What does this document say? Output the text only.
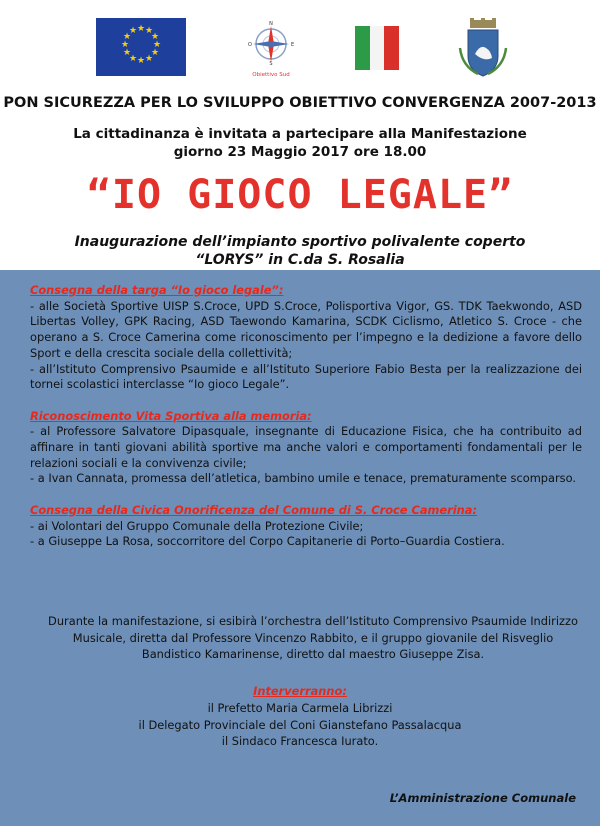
★ ★
★
★
★
★
★
★
★
★
★
★
N
E
O
S
Obiettivo Sud
PON SICUREZZA PER LO SVILUPPO OBIETTIVO CONVERGENZA 2007-2013
La cittadinanza è invitata a partecipare alla Manifestazione
giorno 23 Maggio 2017 ore 18.00
“IO GIOCO LEGALE”
Inaugurazione dell’impianto sportivo polivalente coperto
“LORYS” in C.da S. Rosalia

Consegna della targa “Io gioco legale”:

- alle Società Sportive UISP S.Croce, UPD S.Croce, Polisportiva Vigor, GS. TDK Taekwondo, ASD Libertas Volley, GPK Racing, ASD Taewondo Kamarina, SCDK Ciclismo, Atletico S. Croce - che operano a S. Croce Camerina come riconoscimento per l’impegno e la dedizione a favore dello Sport e della crescita sociale della collettività;

- all’Istituto Comprensivo Psaumide e all’Istituto Superiore Fabio Besta per la realizzazione dei tornei scolastici interclasse “Io gioco Legale”.

Riconoscimento Vita Sportiva alla memoria:

- al Professore Salvatore Dipasquale, insegnante di Educazione Fisica, che ha contribuito ad affinare in tanti giovani abilità sportive ma anche valori e comportamenti fondamentali per le relazioni sociali e la convivenza civile;

- a Ivan Cannata, promessa dell’atletica, bambino umile e tenace, prematuramente scomparso.

Consegna della Civica Onorificenza del Comune di S. Croce Camerina:

- ai Volontari del Gruppo Comunale della Protezione Civile;

- a Giuseppe La Rosa, soccorritore del Corpo Capitanerie di Porto–Guardia Costiera.

Durante la manifestazione, si esibirà l’orchestra dell’Istituto Comprensivo Psaumide Indirizzo Musicale, diretta dal Professore Vincenzo Rabbito, e il gruppo giovanile del Risveglio Bandistico Kamarinense, diretto dal maestro Giuseppe Zisa.
Interverranno:
il Prefetto Maria Carmela Librizzi
il Delegato Provinciale del Coni Gianstefano Passalacqua
il Sindaco Francesca Iurato.
L’Amministrazione Comunale
